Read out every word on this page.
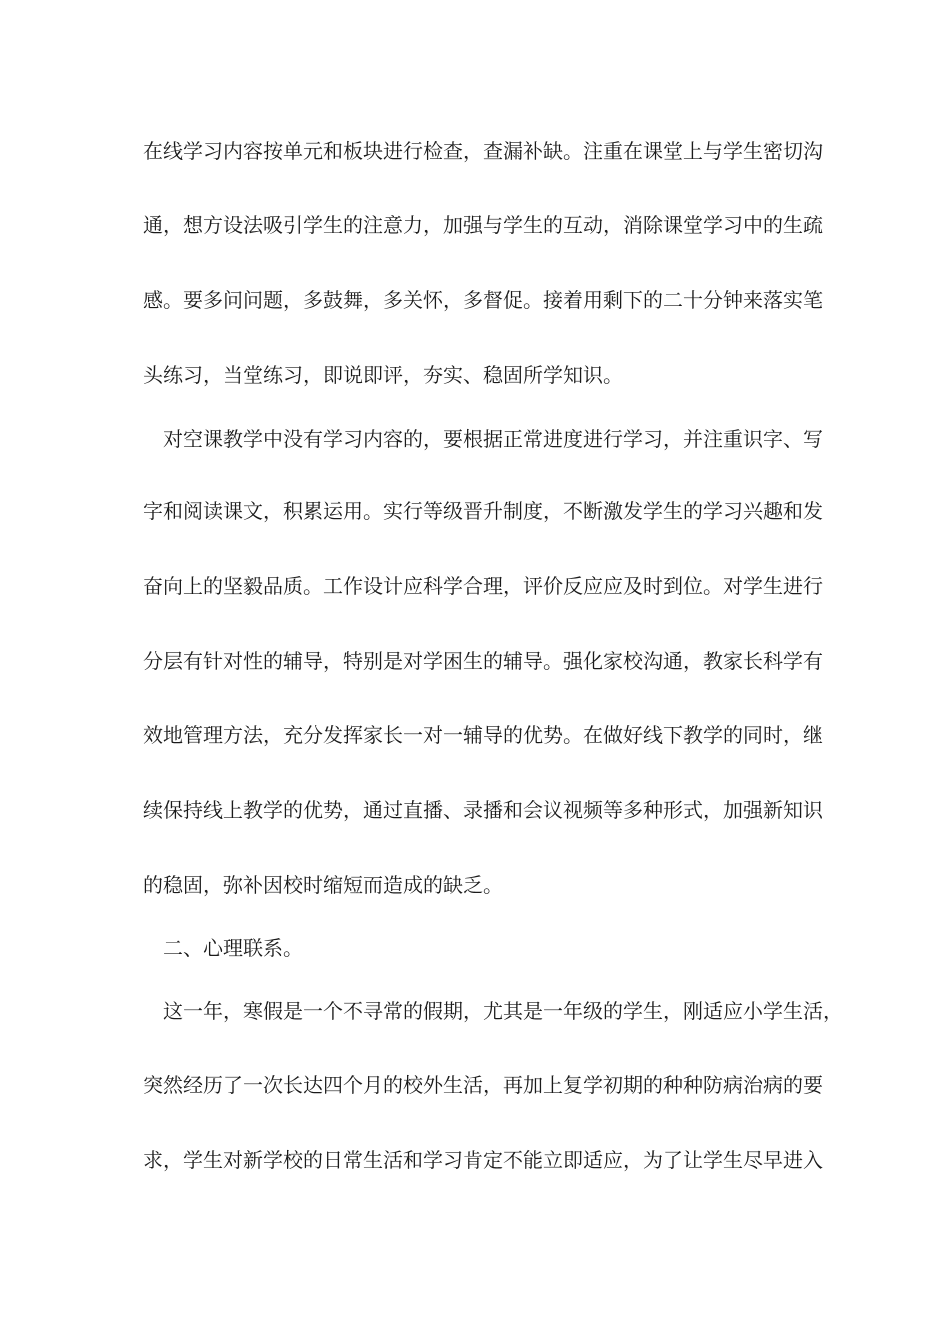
在线学习内容按单元和板块进行检查，查漏补缺。注重在课堂上与学生密切沟

通，想方设法吸引学生的注意力，加强与学生的互动，消除课堂学习中的生疏

感。要多问问题，多鼓舞，多关怀，多督促。接着用剩下的二十分钟来落实笔

头练习，当堂练习，即说即评，夯实、稳固所学知识。

　对空课教学中没有学习内容的，要根据正常进度进行学习，并注重识字、写

字和阅读课文，积累运用。实行等级晋升制度，不断激发学生的学习兴趣和发

奋向上的坚毅品质。工作设计应科学合理，评价反应应及时到位。对学生进行

分层有针对性的辅导，特别是对学困生的辅导。强化家校沟通，教家长科学有

效地管理方法，充分发挥家长一对一辅导的优势。在做好线下教学的同时，继

续保持线上教学的优势，通过直播、录播和会议视频等多种形式，加强新知识

的稳固，弥补因校时缩短而造成的缺乏。

　二、心理联系。

　这一年，寒假是一个不寻常的假期，尤其是一年级的学生，刚适应小学生活，

突然经历了一次长达四个月的校外生活，再加上复学初期的种种防病治病的要

求，学生对新学校的日常生活和学习肯定不能立即适应，为了让学生尽早进入
